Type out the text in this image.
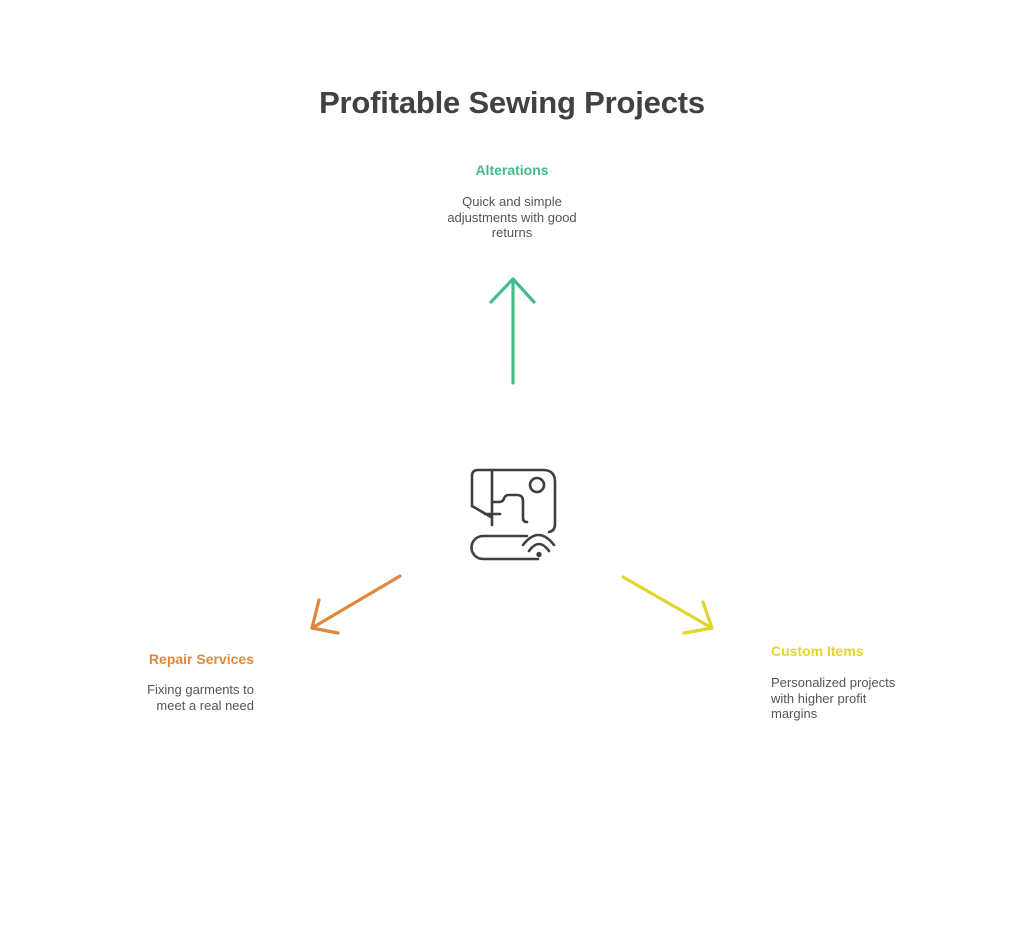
Profitable Sewing Projects
Alterations
Quick and simple
adjustments with good
returns
Repair Services
Fixing garments to
meet a real need
Custom Items
Personalized projects
with higher profit
margins
